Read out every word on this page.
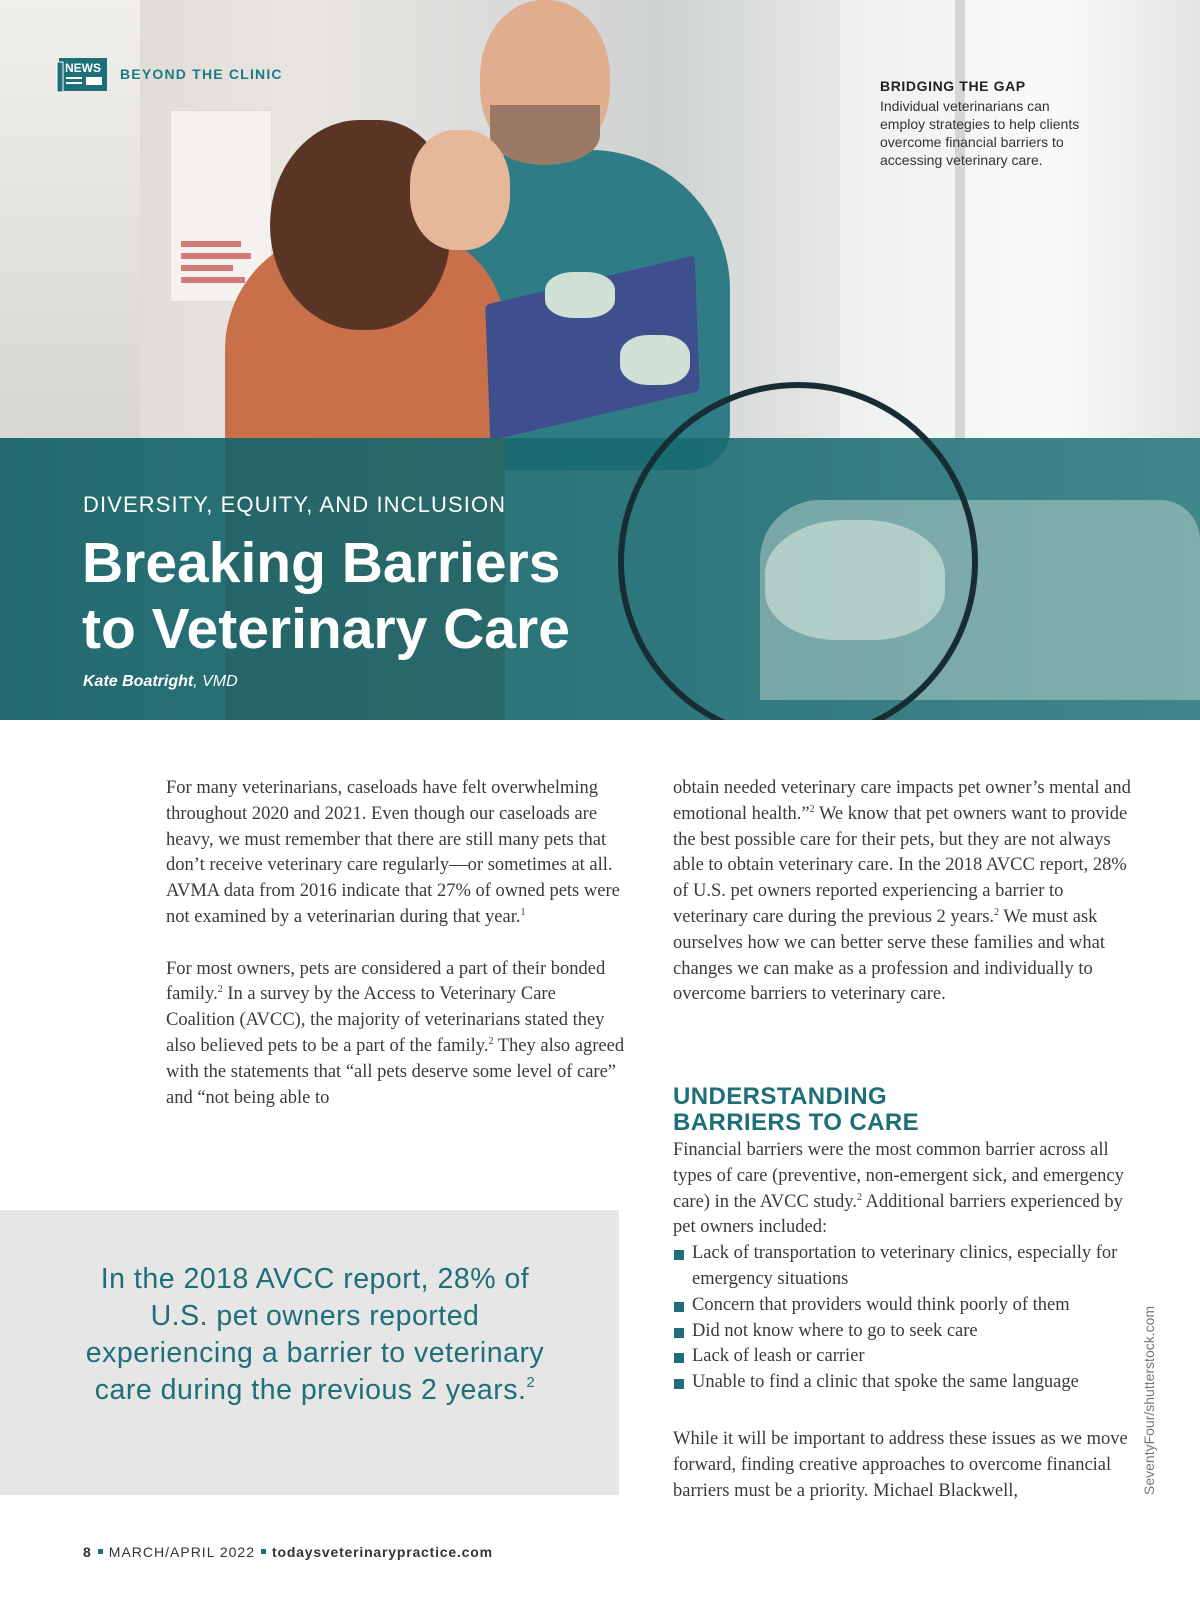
NEWS BEYOND THE CLINIC
BRIDGING THE GAP
Individual veterinarians can employ strategies to help clients overcome financial barriers to accessing veterinary care.
DIVERSITY, EQUITY, AND INCLUSION
Breaking Barriers
to Veterinary Care
Kate Boatright, VMD

For many veterinarians, caseloads have felt overwhelming throughout 2020 and 2021. Even though our caseloads are heavy, we must remember that there are still many pets that don’t receive veterinary care regularly—or sometimes at all. AVMA data from 2016 indicate that 27% of owned pets were not examined by a veterinarian during that year.$^1$

For most owners, pets are considered a part of their bonded family.$^2$ In a survey by the Access to Veterinary Care Coalition (AVCC), the majority of veterinarians stated they also believed pets to be a part of the family.$^2$ They also agreed with the statements that “all pets deserve some level of care” and “not being able to

In the 2018 AVCC report, 28% of U.S. pet owners reported experiencing a barrier to veterinary care during the previous 2 years.$^2$

obtain needed veterinary care impacts pet owner’s mental and emotional health.”$^2$ We know that pet owners want to provide the best possible care for their pets, but they are not always able to obtain veterinary care. In the 2018 AVCC report, 28% of U.S. pet owners reported experiencing a barrier to veterinary care during the previous 2 years.$^2$ We must ask ourselves how we can better serve these families and what changes we can make as a profession and individually to overcome barriers to veterinary care.

UNDERSTANDING
BARRIERS TO CARE

Financial barriers were the most common barrier across all types of care (preventive, non-emergent sick, and emergency care) in the AVCC study.$^2$ Additional barriers experienced by pet owners included:

Lack of transportation to veterinary clinics, especially for emergency situations
Concern that providers would think poorly of them
Did not know where to go to seek care
Lack of leash or carrier
Unable to find a clinic that spoke the same language

While it will be important to address these issues as we move forward, finding creative approaches to overcome financial barriers must be a priority. Michael Blackwell,	SeventyFour/shutterstock.com
8 MARCH/APRIL 2022 todaysveterinarypractice.com
